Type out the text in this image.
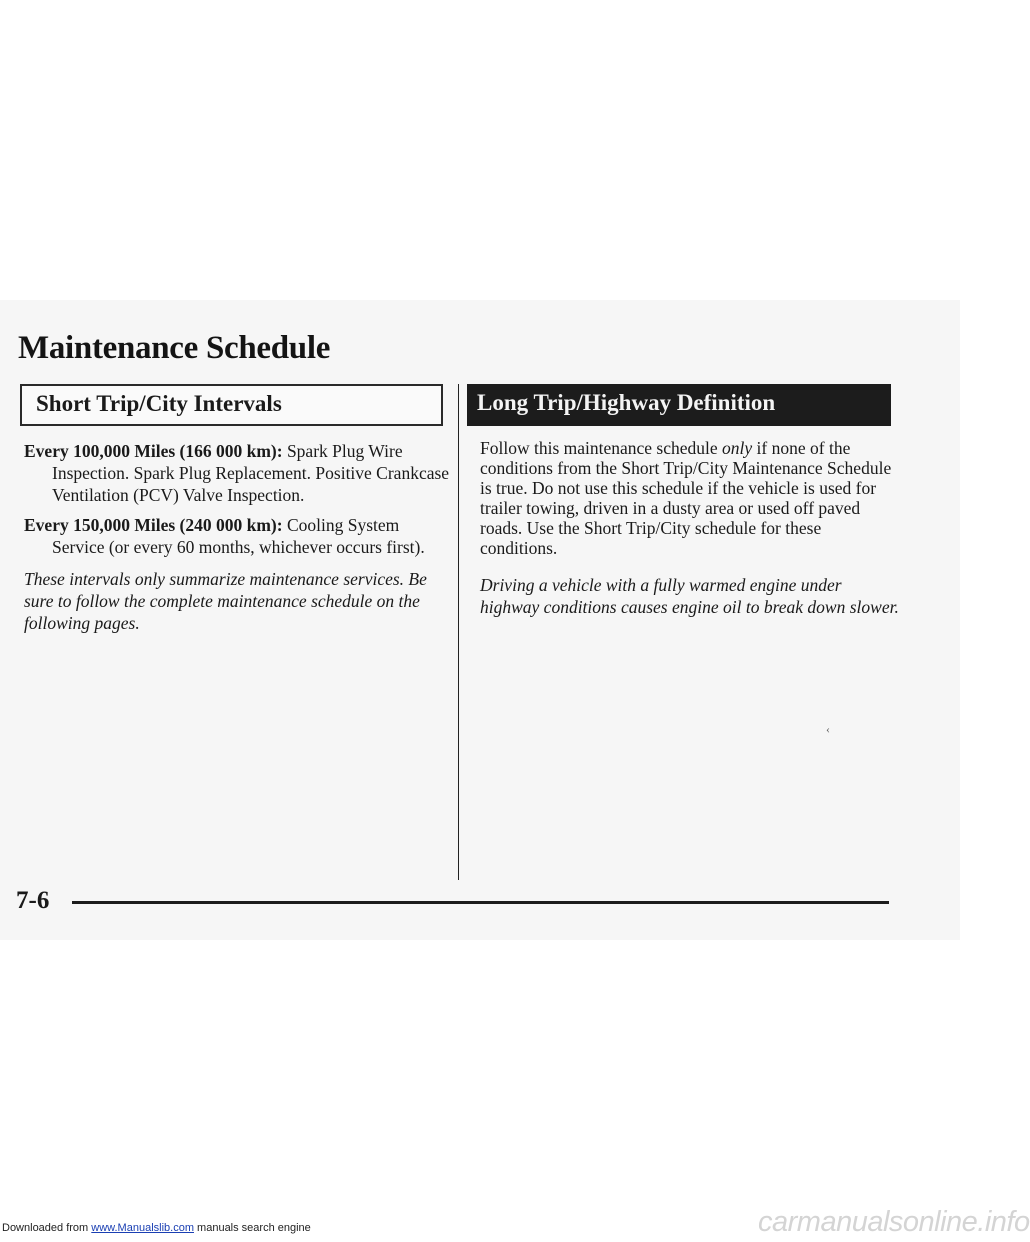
Maintenance Schedule
Short Trip/City Intervals	Long Trip/Highway Definition

Every 100,000 Miles (166 000 km): Spark Plug Wire Inspection. Spark Plug Replacement. Positive Crankcase Ventilation (PCV) Valve Inspection.

Every 150,000 Miles (240 000 km): Cooling System Service (or every 60 months, whichever occurs first).

These intervals only summarize maintenance services. Be sure to follow the complete maintenance schedule on the following pages.

Follow this maintenance schedule only if none of the conditions from the Short Trip/City Maintenance Schedule is true. Do not use this schedule if the vehicle is used for trailer towing, driven in a dusty area or used off paved roads. Use the Short Trip/City schedule for these conditions.

Driving a vehicle with a fully warmed engine under highway conditions causes engine oil to break down slower.

‹
7-6
carmanualsonline.info
Downloaded from www.Manualslib.com manuals search engine
